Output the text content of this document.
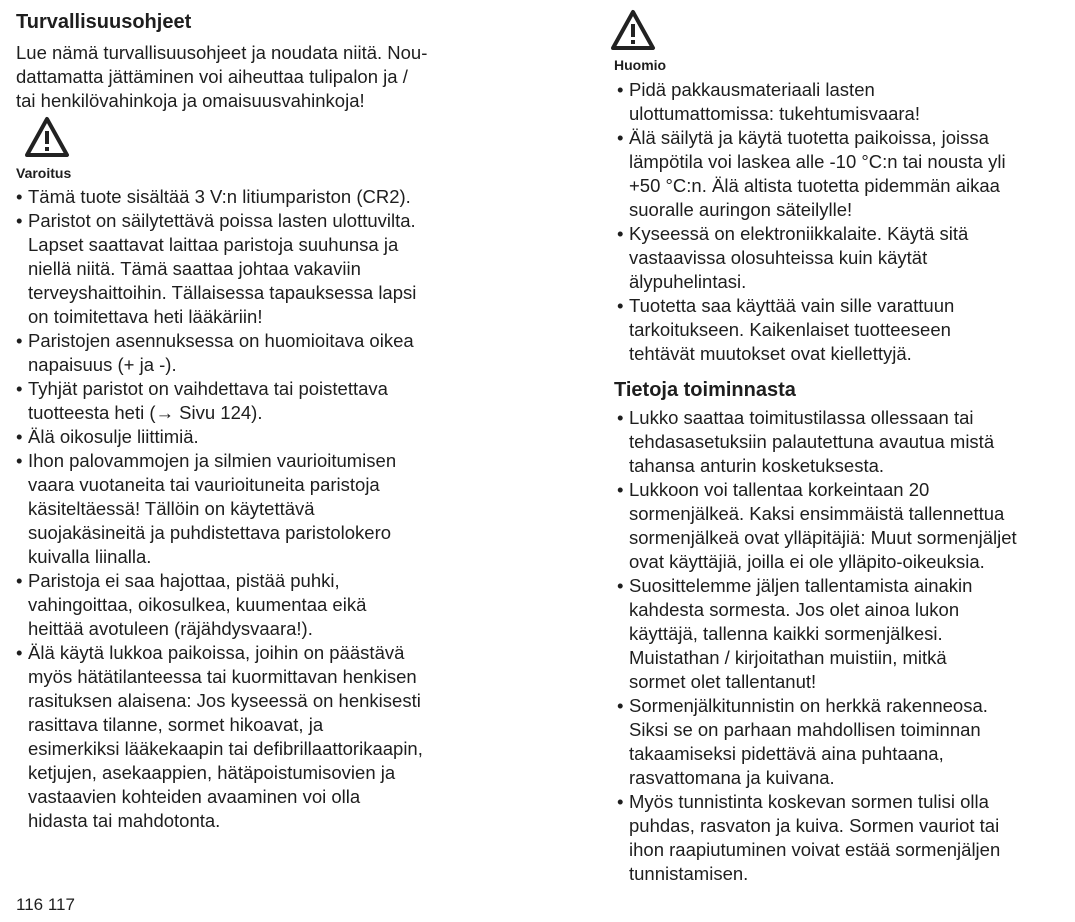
Turvallisuusohjeet
Lue nämä turvallisuusohjeet ja noudata niitä. Nou-
dattamatta jättäminen voi aiheuttaa tulipalon ja /
tai henkilövahinkoja ja omaisuusvahinkoja!
Varoitus
• Tämä tuote sisältää 3 V:n litiumpariston (CR2).
• Paristot on säilytettävä poissa lasten ulottuvilta.
Lapset saattavat laittaa paristoja suuhunsa ja
niellä niitä. Tämä saattaa johtaa vakaviin
terveyshaittoihin. Tällaisessa tapauksessa lapsi
on toimitettava heti lääkäriin!
• Paristojen asennuksessa on huomioitava oikea
napaisuus (+ ja -).
• Tyhjät paristot on vaihdettava tai poistettava
tuotteesta heti (→ Sivu 124).
• Älä oikosulje liittimiä.
• Ihon palovammojen ja silmien vaurioitumisen
vaara vuotaneita tai vaurioituneita paristoja
käsiteltäessä! Tällöin on käytettävä
suojakäsineitä ja puhdistettava paristolokero
kuivalla liinalla.
• Paristoja ei saa hajottaa, pistää puhki,
vahingoittaa, oikosulkea, kuumentaa eikä
heittää avotuleen (räjähdysvaara!).
• Älä käytä lukkoa paikoissa, joihin on päästävä
myös hätätilanteessa tai kuormittavan henkisen
rasituksen alaisena: Jos kyseessä on henkisesti
rasittava tilanne, sormet hikoavat, ja
esimerkiksi lääkekaapin tai defibrillaattorikaapin,
ketjujen, asekaappien, hätäpoistumisovien ja
vastaavien kohteiden avaaminen voi olla
hidasta tai mahdotonta.
Huomio
• Pidä pakkausmateriaali lasten
ulottumattomissa: tukehtumisvaara!
• Älä säilytä ja käytä tuotetta paikoissa, joissa
lämpötila voi laskea alle -10 °C:n tai nousta yli
+50 °C:n. Älä altista tuotetta pidemmän aikaa
suoralle auringon säteilylle!
• Kyseessä on elektroniikkalaite. Käytä sitä
vastaavissa olosuhteissa kuin käytät
älypuhelintasi.
• Tuotetta saa käyttää vain sille varattuun
tarkoitukseen. Kaikenlaiset tuotteeseen
tehtävät muutokset ovat kiellettyjä.
Tietoja toiminnasta
• Lukko saattaa toimitustilassa ollessaan tai
tehdasasetuksiin palautettuna avautua mistä
tahansa anturin kosketuksesta.
• Lukkoon voi tallentaa korkeintaan 20
sormenjälkeä. Kaksi ensimmäistä tallennettua
sormenjälkeä ovat ylläpitäjiä: Muut sormenjäljet
ovat käyttäjiä, joilla ei ole ylläpito-oikeuksia.
• Suosittelemme jäljen tallentamista ainakin
kahdesta sormesta. Jos olet ainoa lukon
käyttäjä, tallenna kaikki sormenjälkesi.
Muistathan / kirjoitathan muistiin, mitkä
sormet olet tallentanut!
• Sormenjälkitunnistin on herkkä rakenneosa.
Siksi se on parhaan mahdollisen toiminnan
takaamiseksi pidettävä aina puhtaana,
rasvattomana ja kuivana.
• Myös tunnistinta koskevan sormen tulisi olla
puhdas, rasvaton ja kuiva. Sormen vauriot tai
ihon raapiutuminen voivat estää sormenjäljen
tunnistamisen.
116 117
